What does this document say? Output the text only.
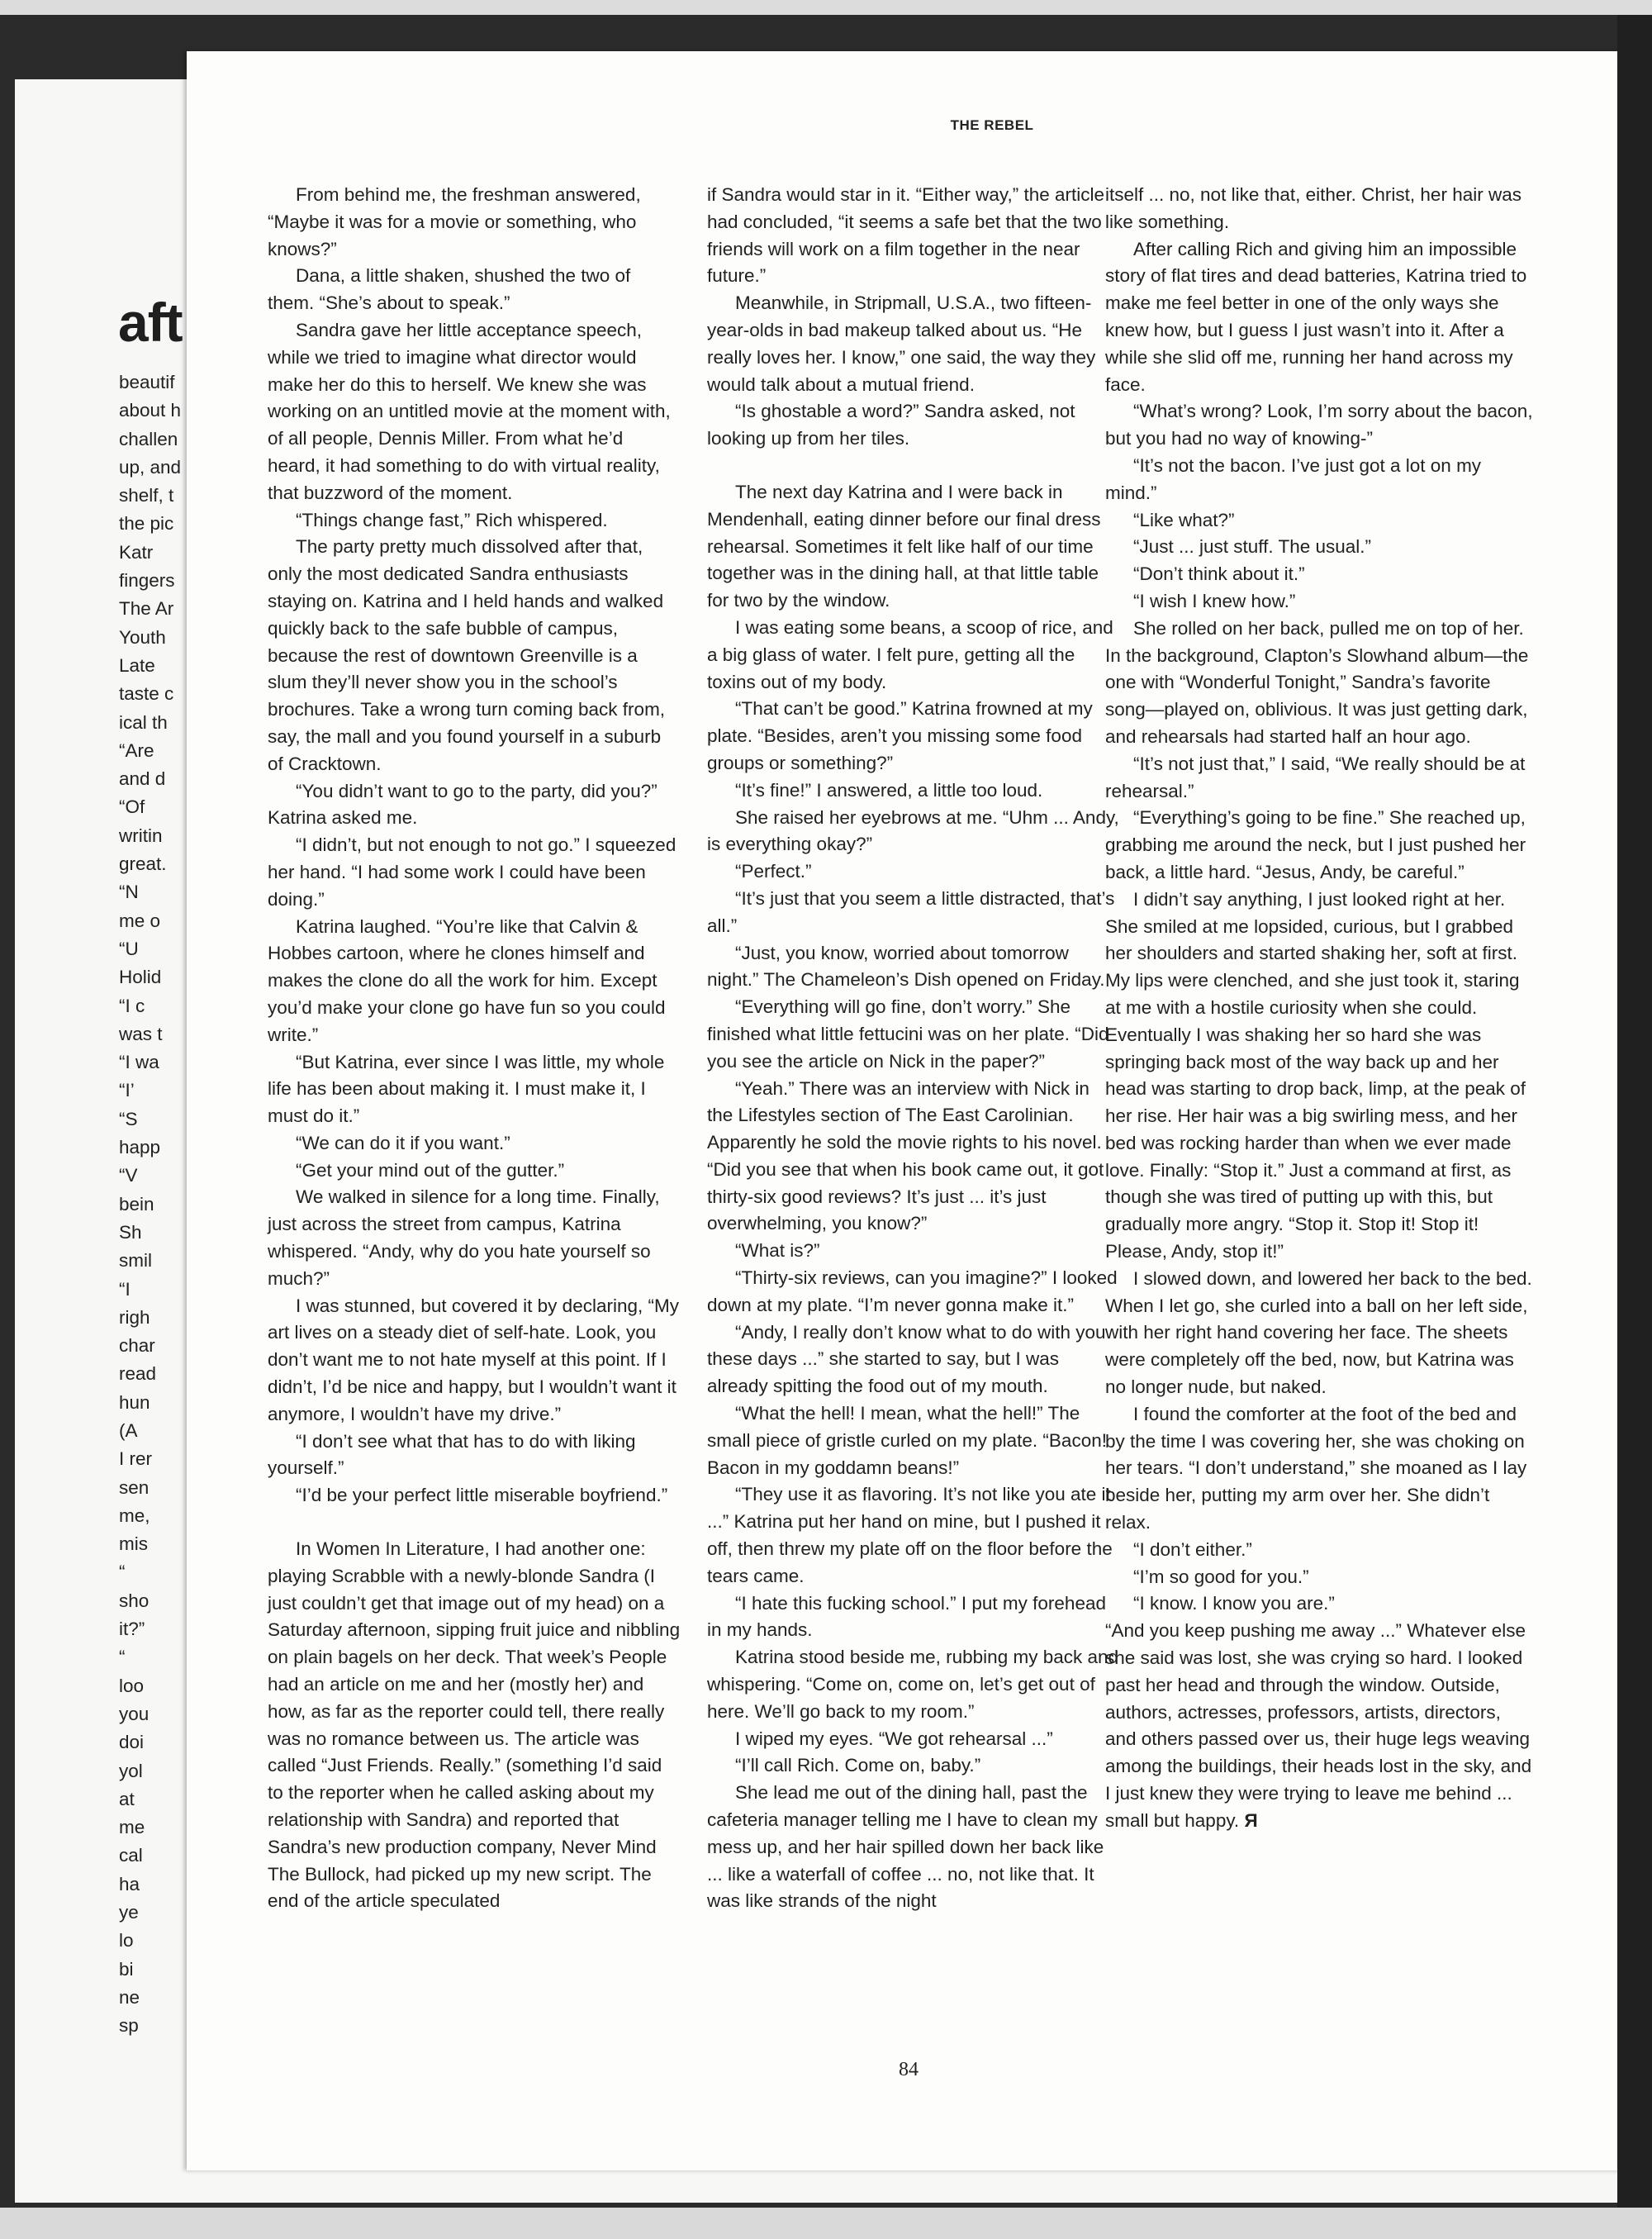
aft

beautif

about h

challen

up, and

shelf, t

the pic

Katr

fingers

The Ar

Youth

Late

taste c

ical th

“Are

and d

“Of

writin

great.

“N

me o

“U

Holid

“I c

was t

“I wa

“I’

“S

happ

“V

bein

Sh

smil

“I

righ

char

read

hun

(A

I rer

sen

me,

mis

“

sho

it?”

“

loo

you

doi

yol

at

me

cal

ha

ye

lo

bi

ne

sp

THE REBEL

From behind me, the freshman answered, “Maybe it was for a movie or something, who knows?”

Dana, a little shaken, shushed the two of them. “She’s about to speak.”

Sandra gave her little acceptance speech, while we tried to imagine what director would make her do this to herself. We knew she was working on an untitled movie at the moment with, of all people, Dennis Miller. From what he’d heard, it had something to do with virtual reality, that buzzword of the moment.

“Things change fast,” Rich whispered.

The party pretty much dissolved after that, only the most dedicated Sandra enthusiasts staying on. Katrina and I held hands and walked quickly back to the safe bubble of campus, because the rest of downtown Greenville is a slum they’ll never show you in the school’s brochures. Take a wrong turn coming back from, say, the mall and you found yourself in a suburb of Cracktown.

“You didn’t want to go to the party, did you?” Katrina asked me.

“I didn’t, but not enough to not go.” I squeezed her hand. “I had some work I could have been doing.”

Katrina laughed. “You’re like that Calvin & Hobbes cartoon, where he clones himself and makes the clone do all the work for him. Except you’d make your clone go have fun so you could write.”

“But Katrina, ever since I was little, my whole life has been about making it. I must make it, I must do it.”

“We can do it if you want.”

“Get your mind out of the gutter.”

We walked in silence for a long time. Finally, just across the street from campus, Katrina whispered. “Andy, why do you hate yourself so much?”

I was stunned, but covered it by declaring, “My art lives on a steady diet of self-hate. Look, you don’t want me to not hate myself at this point. If I didn’t, I’d be nice and happy, but I wouldn’t want it anymore, I wouldn’t have my drive.”

“I don’t see what that has to do with liking yourself.”

“I’d be your perfect little miserable boyfriend.”

In Women In Literature, I had another one: playing Scrabble with a newly-blonde Sandra (I just couldn’t get that image out of my head) on a Saturday afternoon, sipping fruit juice and nibbling on plain bagels on her deck. That week’s People had an article on me and her (mostly her) and how, as far as the reporter could tell, there really was no romance between us. The article was called “Just Friends. Really.” (something I’d said to the reporter when he called asking about my relationship with Sandra) and reported that Sandra’s new production company, Never Mind The Bullock, had picked up my new script. The end of the article speculated

if Sandra would star in it. “Either way,” the article had concluded, “it seems a safe bet that the two friends will work on a film together in the near future.”

Meanwhile, in Stripmall, U.S.A., two fifteen-year-olds in bad makeup talked about us. “He really loves her. I know,” one said, the way they would talk about a mutual friend.

“Is ghostable a word?” Sandra asked, not looking up from her tiles.

The next day Katrina and I were back in Mendenhall, eating dinner before our final dress rehearsal. Sometimes it felt like half of our time together was in the dining hall, at that little table for two by the window.

I was eating some beans, a scoop of rice, and a big glass of water. I felt pure, getting all the toxins out of my body.

“That can’t be good.” Katrina frowned at my plate. “Besides, aren’t you missing some food groups or something?”

“It’s fine!” I answered, a little too loud.

She raised her eyebrows at me. “Uhm ... Andy, is everything okay?”

“Perfect.”

“It’s just that you seem a little distracted, that’s all.”

“Just, you know, worried about tomorrow night.” The Chameleon’s Dish opened on Friday.

“Everything will go fine, don’t worry.” She finished what little fettucini was on her plate. “Did you see the article on Nick in the paper?”

“Yeah.” There was an interview with Nick in the Lifestyles section of The East Carolinian. Apparently he sold the movie rights to his novel. “Did you see that when his book came out, it got thirty-six good reviews? It’s just ... it’s just overwhelming, you know?”

“What is?”

“Thirty-six reviews, can you imagine?” I looked down at my plate. “I’m never gonna make it.”

“Andy, I really don’t know what to do with you these days ...” she started to say, but I was already spitting the food out of my mouth.

“What the hell! I mean, what the hell!” The small piece of gristle curled on my plate. “Bacon! Bacon in my goddamn beans!”

“They use it as flavoring. It’s not like you ate it ...” Katrina put her hand on mine, but I pushed it off, then threw my plate off on the floor before the tears came.

“I hate this fucking school.” I put my forehead in my hands.

Katrina stood beside me, rubbing my back and whispering. “Come on, come on, let’s get out of here. We’ll go back to my room.”

I wiped my eyes. “We got rehearsal ...”

“I’ll call Rich. Come on, baby.”

She lead me out of the dining hall, past the cafeteria manager telling me I have to clean my mess up, and her hair spilled down her back like ... like a waterfall of coffee ... no, not like that. It was like strands of the night

itself ... no, not like that, either. Christ, her hair was like something.

After calling Rich and giving him an impossible story of flat tires and dead batteries, Katrina tried to make me feel better in one of the only ways she knew how, but I guess I just wasn’t into it. After a while she slid off me, running her hand across my face.

“What’s wrong? Look, I’m sorry about the bacon, but you had no way of knowing-”

“It’s not the bacon. I’ve just got a lot on my mind.”

“Like what?”

“Just ... just stuff. The usual.”

“Don’t think about it.”

“I wish I knew how.”

She rolled on her back, pulled me on top of her. In the background, Clapton’s Slowhand album—the one with “Wonderful Tonight,” Sandra’s favorite song—played on, oblivious. It was just getting dark, and rehearsals had started half an hour ago.

“It’s not just that,” I said, “We really should be at rehearsal.”

“Everything’s going to be fine.” She reached up, grabbing me around the neck, but I just pushed her back, a little hard. “Jesus, Andy, be careful.”

I didn’t say anything, I just looked right at her. She smiled at me lopsided, curious, but I grabbed her shoulders and started shaking her, soft at first. My lips were clenched, and she just took it, staring at me with a hostile curiosity when she could. Eventually I was shaking her so hard she was springing back most of the way back up and her head was starting to drop back, limp, at the peak of her rise. Her hair was a big swirling mess, and her bed was rocking harder than when we ever made love. Finally: “Stop it.” Just a command at first, as though she was tired of putting up with this, but gradually more angry. “Stop it. Stop it! Stop it! Please, Andy, stop it!”

I slowed down, and lowered her back to the bed. When I let go, she curled into a ball on her left side, with her right hand covering her face. The sheets were completely off the bed, now, but Katrina was no longer nude, but naked.

I found the comforter at the foot of the bed and by the time I was covering her, she was choking on her tears. “I don’t understand,” she moaned as I lay beside her, putting my arm over her. She didn’t relax.

“I don’t either.”

“I’m so good for you.”

“I know. I know you are.”

“And you keep pushing me away ...” Whatever else she said was lost, she was crying so hard. I looked past her head and through the window. Outside, authors, actresses, professors, artists, directors, and others passed over us, their huge legs weaving among the buildings, their heads lost in the sky, and I just knew they were trying to leave me behind ... small but happy. Я

84
